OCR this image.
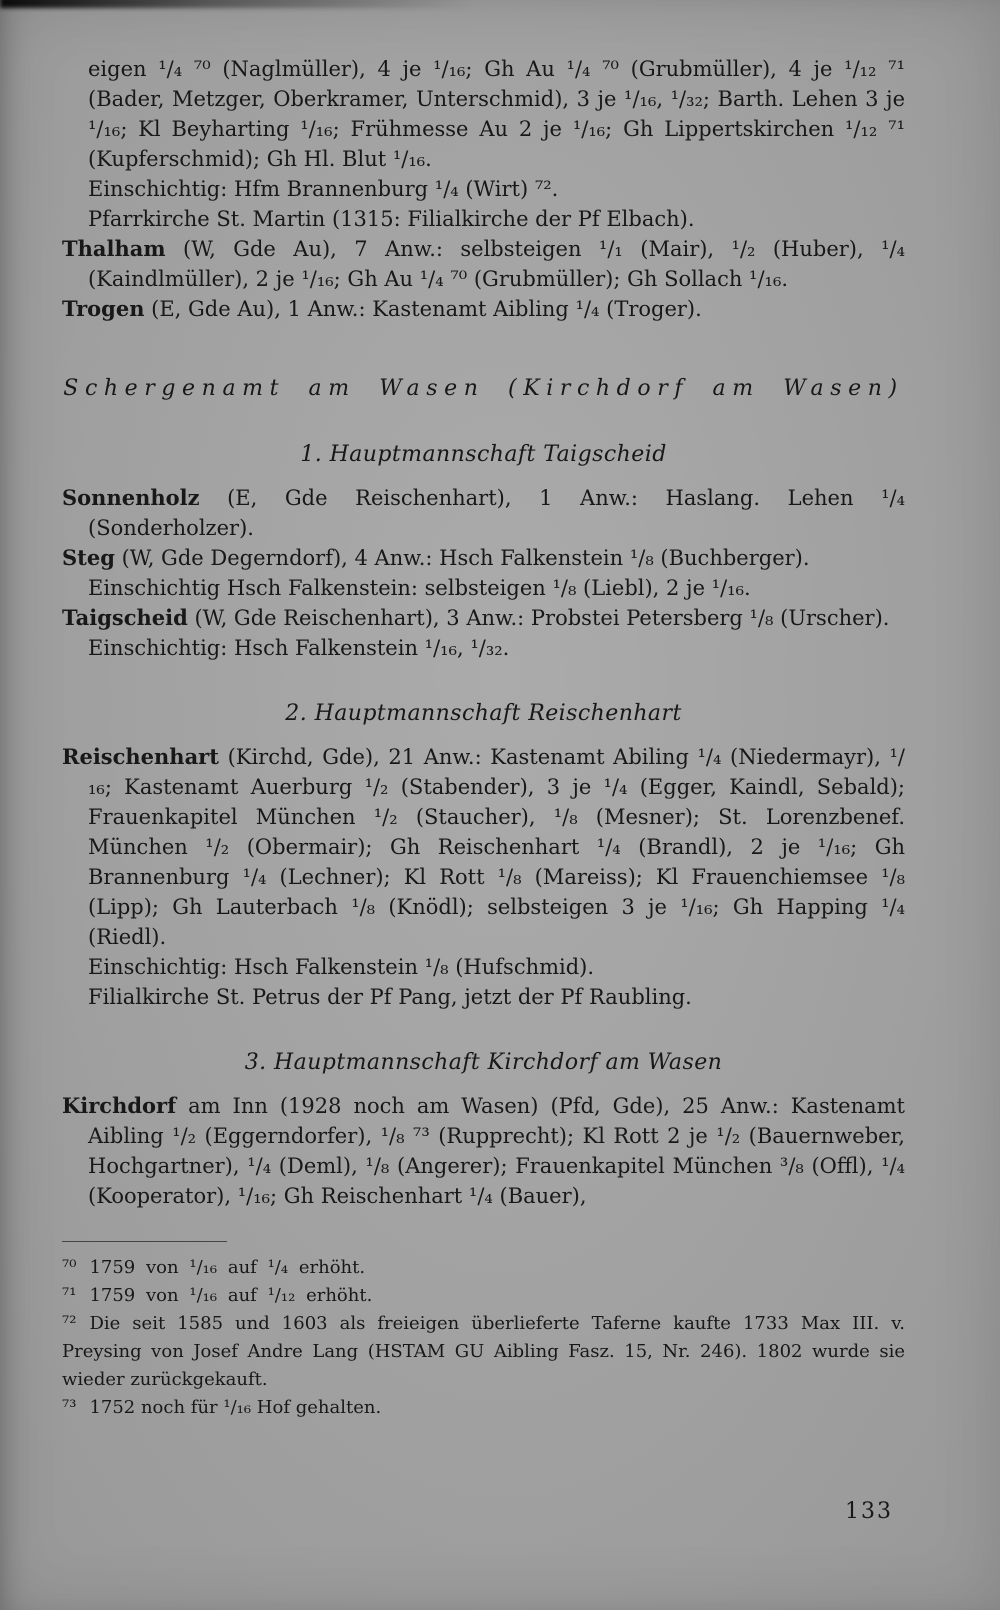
eigen ¹/₄ ⁷⁰ (Naglmüller), 4 je ¹/₁₆; Gh Au ¹/₄ ⁷⁰ (Grubmüller), 4 je ¹/₁₂ ⁷¹ (Bader, Metzger, Oberkramer, Unterschmid), 3 je ¹/₁₆, ¹/₃₂; Barth. Lehen 3 je ¹/₁₆; Kl Beyharting ¹/₁₆; Frühmesse Au 2 je ¹/₁₆; Gh Lippertskirchen ¹/₁₂ ⁷¹ (Kupferschmid); Gh Hl. Blut ¹/₁₆.

Einschichtig: Hfm Brannenburg ¹/₄ (Wirt) ⁷².

Pfarrkirche St. Martin (1315: Filialkirche der Pf Elbach).

Thalham (W, Gde Au), 7 Anw.: selbsteigen ¹/₁ (Mair), ¹/₂ (Huber), ¹/₄ (Kaindlmüller), 2 je ¹/₁₆; Gh Au ¹/₄ ⁷⁰ (Grubmüller); Gh Sollach ¹/₁₆.

Trogen (E, Gde Au), 1 Anw.: Kastenamt Aibling ¹/₄ (Troger).

Schergenamt am Wasen (Kirchdorf am Wasen)
1. Hauptmannschaft Taigscheid

Sonnenholz (E, Gde Reischenhart), 1 Anw.: Haslang. Lehen ¹/₄ (Sonderholzer).

Steg (W, Gde Degerndorf), 4 Anw.: Hsch Falkenstein ¹/₈ (Buchberger).

Einschichtig Hsch Falkenstein: selbsteigen ¹/₈ (Liebl), 2 je ¹/₁₆.

Taigscheid (W, Gde Reischenhart), 3 Anw.: Probstei Petersberg ¹/₈ (Urscher).

Einschichtig: Hsch Falkenstein ¹/₁₆, ¹/₃₂.

2. Hauptmannschaft Reischenhart

Reischenhart (Kirchd, Gde), 21 Anw.: Kastenamt Abiling ¹/₄ (Niedermayr), ¹/₁₆; Kastenamt Auerburg ¹/₂ (Stabender), 3 je ¹/₄ (Egger, Kaindl, Sebald); Frauenkapitel München ¹/₂ (Staucher), ¹/₈ (Mesner); St. Lorenzbenef. München ¹/₂ (Obermair); Gh Reischenhart ¹/₄ (Brandl), 2 je ¹/₁₆; Gh Brannenburg ¹/₄ (Lechner); Kl Rott ¹/₈ (Mareiss); Kl Frauenchiemsee ¹/₈ (Lipp); Gh Lauterbach ¹/₈ (Knödl); selbsteigen 3 je ¹/₁₆; Gh Happing ¹/₄ (Riedl).

Einschichtig: Hsch Falkenstein ¹/₈ (Hufschmid).

Filialkirche St. Petrus der Pf Pang, jetzt der Pf Raubling.

3. Hauptmannschaft Kirchdorf am Wasen

Kirchdorf am Inn (1928 noch am Wasen) (Pfd, Gde), 25 Anw.: Kastenamt Aibling ¹/₂ (Eggerndorfer), ¹/₈ ⁷³ (Rupprecht); Kl Rott 2 je ¹/₂ (Bauernweber, Hochgartner), ¹/₄ (Deml), ¹/₈ (Angerer); Frauenkapitel München ³/₈ (Offl), ¹/₄ (Kooperator), ¹/₁₆; Gh Reischenhart ¹/₄ (Bauer),

⁷⁰ 1759 von ¹/₁₆ auf ¹/₄ erhöht.

⁷¹ 1759 von ¹/₁₆ auf ¹/₁₂ erhöht.

⁷² Die seit 1585 und 1603 als freieigen überlieferte Taferne kaufte 1733 Max III. v. Preysing von Josef Andre Lang (HSTAM GU Aibling Fasz. 15, Nr. 246). 1802 wurde sie wieder zurückgekauft.

⁷³ 1752 noch für ¹/₁₆ Hof gehalten.

133
